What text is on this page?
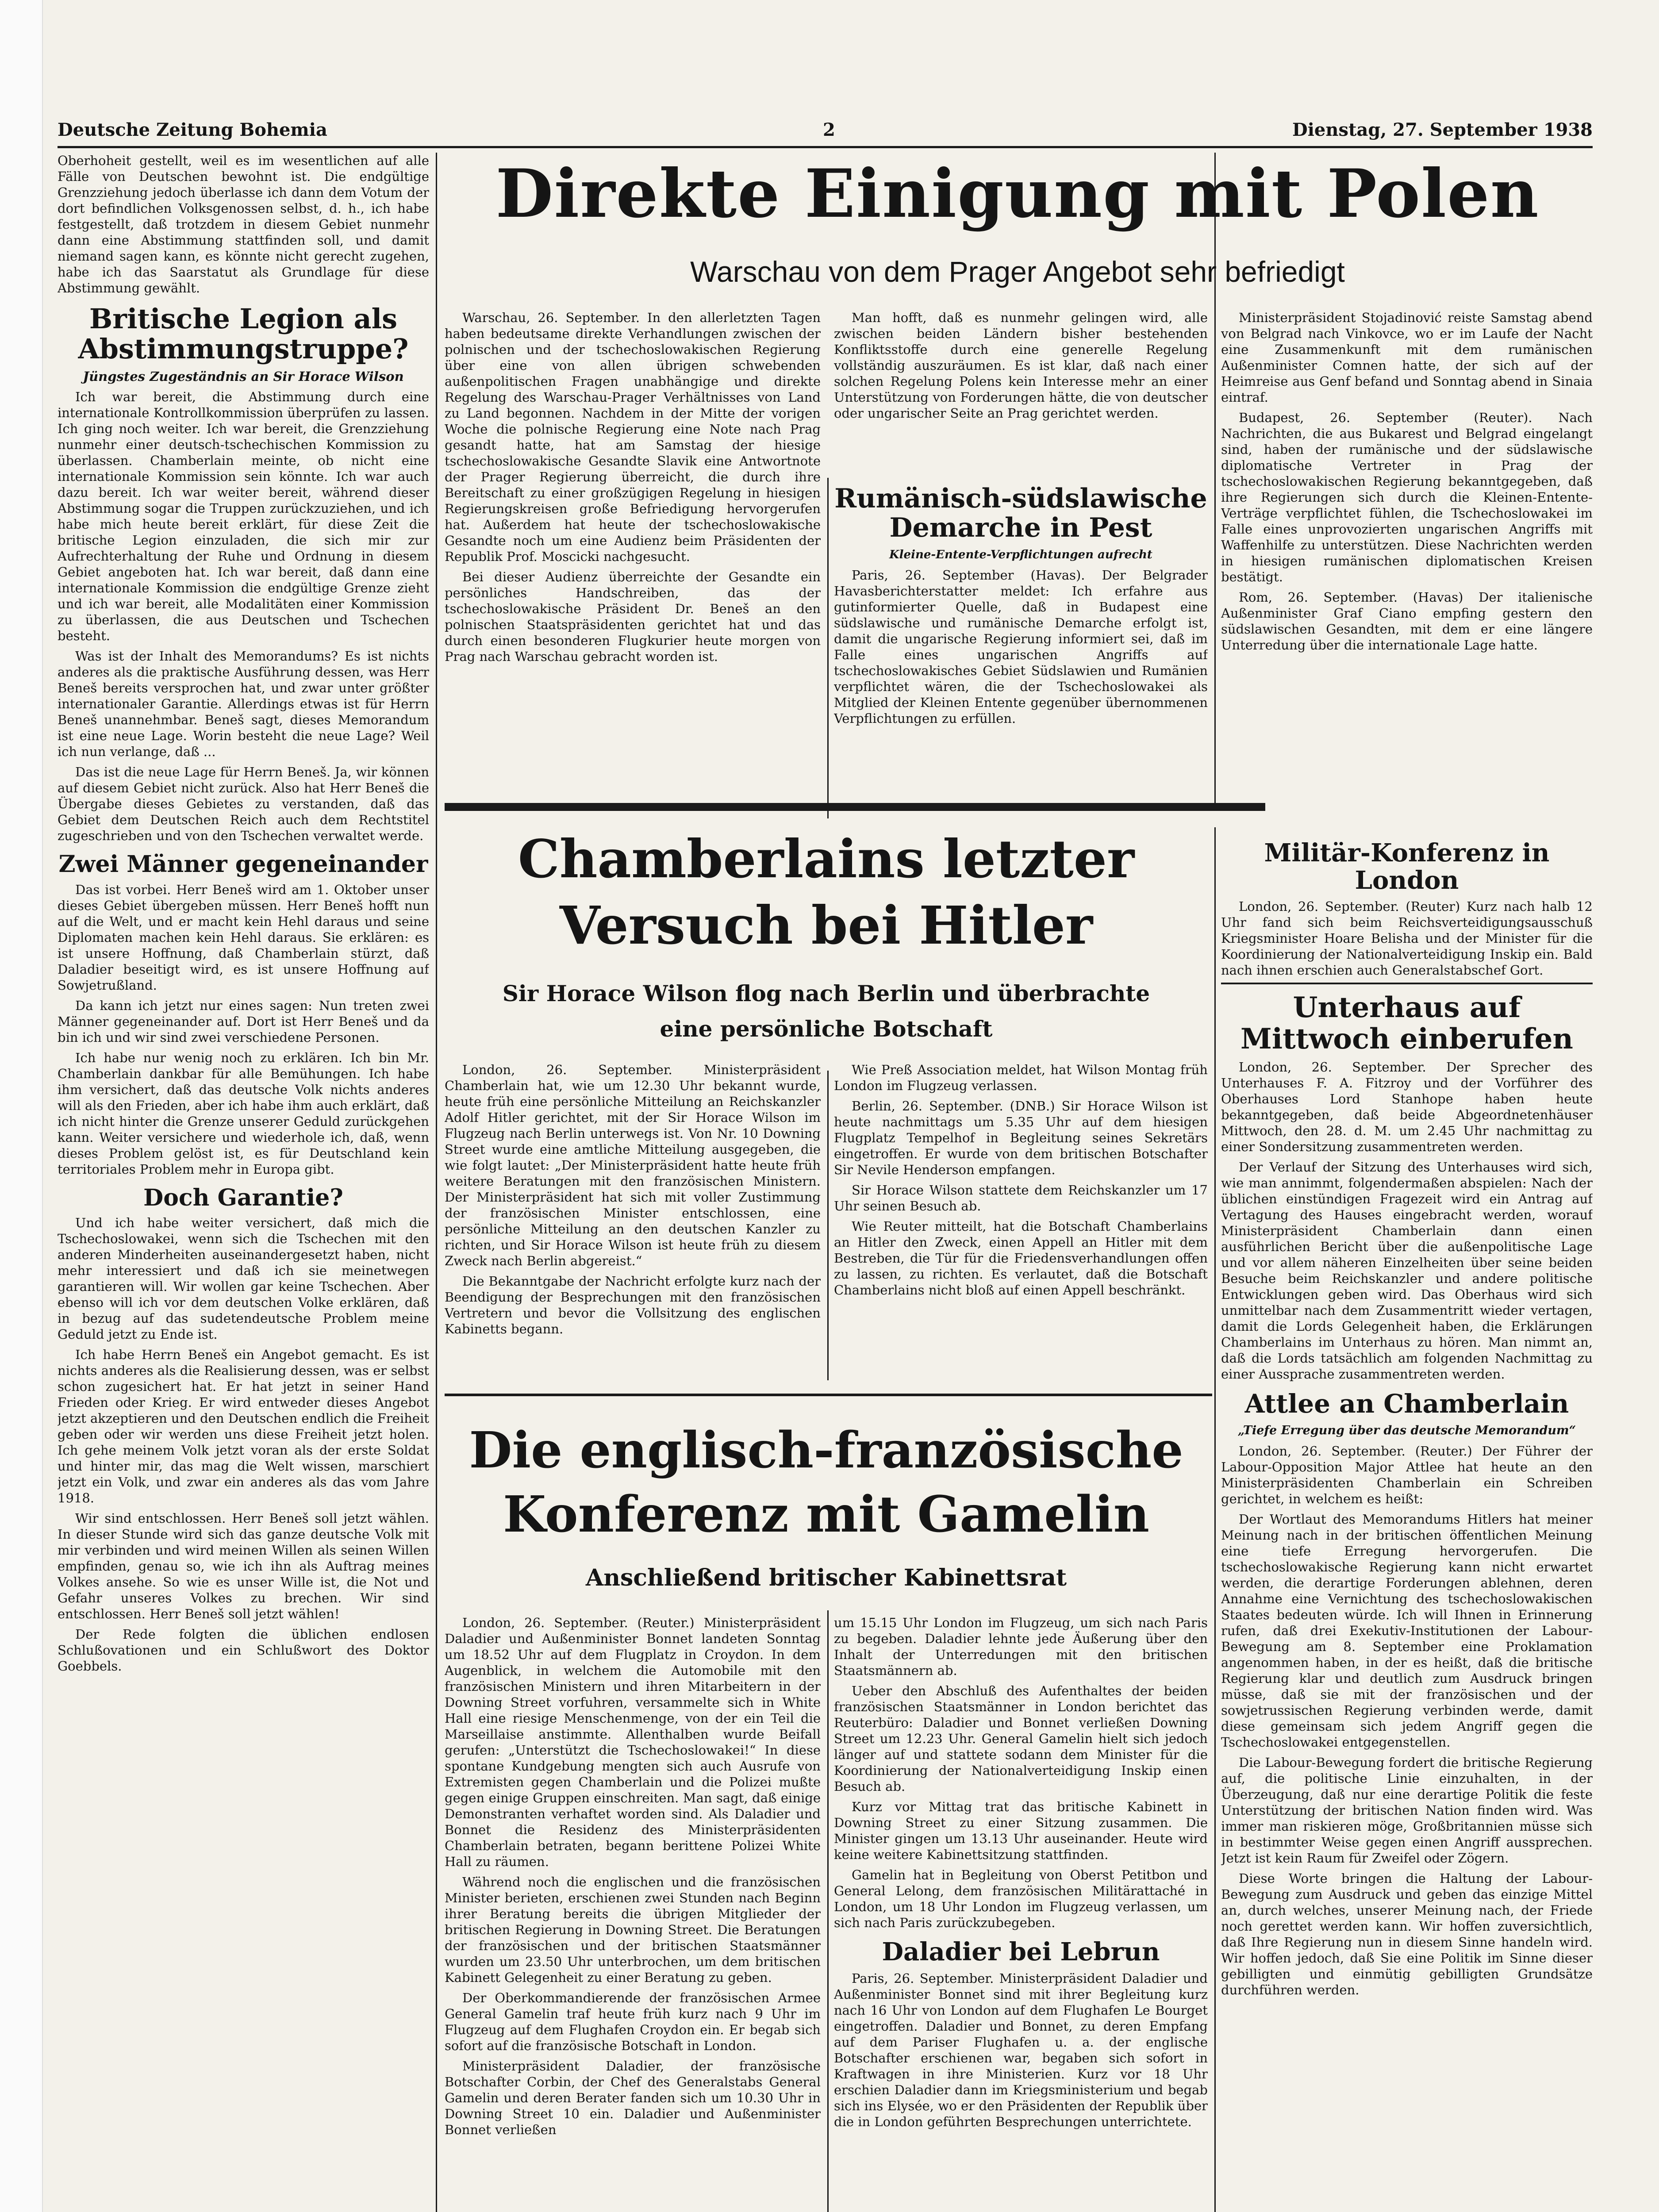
Deutsche Zeitung Bohemia	2	Dienstag, 27. September 1938

Oberhoheit gestellt, weil es im wesentlichen auf alle Fälle von Deutschen bewohnt ist. Die endgültige Grenzziehung jedoch überlasse ich dann dem Votum der dort befindlichen Volksgenossen selbst, d. h., ich habe festgestellt, daß trotzdem in diesem Gebiet nunmehr dann eine Abstimmung stattfinden soll, und damit niemand sagen kann, es könnte nicht gerecht zugehen, habe ich das Saarstatut als Grundlage für diese Abstimmung gewählt.

Britische Legion als Abstimmungstruppe?

Jüngstes Zugeständnis an Sir Horace Wilson

Ich war bereit, die Abstimmung durch eine internationale Kontrollkommission überprüfen zu lassen. Ich ging noch weiter. Ich war bereit, die Grenzziehung nunmehr einer deutsch-tschechischen Kommission zu überlassen. Chamberlain meinte, ob nicht eine internationale Kommission sein könnte. Ich war auch dazu bereit. Ich war weiter bereit, während dieser Abstimmung sogar die Truppen zurückzuziehen, und ich habe mich heute bereit erklärt, für diese Zeit die britische Legion einzuladen, die sich mir zur Aufrechterhaltung der Ruhe und Ordnung in diesem Gebiet angeboten hat. Ich war bereit, daß dann eine internationale Kommission die endgültige Grenze zieht und ich war bereit, alle Modalitäten einer Kommission zu überlassen, die aus Deutschen und Tschechen besteht.

Was ist der Inhalt des Memorandums? Es ist nichts anderes als die praktische Ausführung dessen, was Herr Beneš bereits versprochen hat, und zwar unter größter internationaler Garantie. Allerdings etwas ist für Herrn Beneš unannehmbar. Beneš sagt, dieses Memorandum ist eine neue Lage. Worin besteht die neue Lage? Weil ich nun verlange, daß ...

Das ist die neue Lage für Herrn Beneš. Ja, wir können auf diesem Gebiet nicht zurück. Also hat Herr Beneš die Übergabe dieses Gebietes zu verstanden, daß das Gebiet dem Deutschen Reich auch dem Rechtstitel zugeschrieben und von den Tschechen verwaltet werde.

Zwei Männer gegeneinander

Das ist vorbei. Herr Beneš wird am 1. Oktober unser dieses Gebiet übergeben müssen. Herr Beneš hofft nun auf die Welt, und er macht kein Hehl daraus und seine Diplomaten machen kein Hehl daraus. Sie erklären: es ist unsere Hoffnung, daß Chamberlain stürzt, daß Daladier beseitigt wird, es ist unsere Hoffnung auf Sowjetrußland.

Da kann ich jetzt nur eines sagen: Nun treten zwei Männer gegeneinander auf. Dort ist Herr Beneš und da bin ich und wir sind zwei verschiedene Personen.

Ich habe nur wenig noch zu erklären. Ich bin Mr. Chamberlain dankbar für alle Bemühungen. Ich habe ihm versichert, daß das deutsche Volk nichts anderes will als den Frieden, aber ich habe ihm auch erklärt, daß ich nicht hinter die Grenze unserer Geduld zurückgehen kann. Weiter versichere und wiederhole ich, daß, wenn dieses Problem gelöst ist, es für Deutschland kein territoriales Problem mehr in Europa gibt.

Doch Garantie?

Und ich habe weiter versichert, daß mich die Tschechoslowakei, wenn sich die Tschechen mit den anderen Minderheiten auseinandergesetzt haben, nicht mehr interessiert und daß ich sie meinetwegen garantieren will. Wir wollen gar keine Tschechen. Aber ebenso will ich vor dem deutschen Volke erklären, daß in bezug auf das sudetendeutsche Problem meine Geduld jetzt zu Ende ist.

Ich habe Herrn Beneš ein Angebot gemacht. Es ist nichts anderes als die Realisierung dessen, was er selbst schon zugesichert hat. Er hat jetzt in seiner Hand Frieden oder Krieg. Er wird entweder dieses Angebot jetzt akzeptieren und den Deutschen endlich die Freiheit geben oder wir werden uns diese Freiheit jetzt holen. Ich gehe meinem Volk jetzt voran als der erste Soldat und hinter mir, das mag die Welt wissen, marschiert jetzt ein Volk, und zwar ein anderes als das vom Jahre 1918.

Wir sind entschlossen. Herr Beneš soll jetzt wählen. In dieser Stunde wird sich das ganze deutsche Volk mit mir verbinden und wird meinen Willen als seinen Willen empfinden, genau so, wie ich ihn als Auftrag meines Volkes ansehe. So wie es unser Wille ist, die Not und Gefahr unseres Volkes zu brechen. Wir sind entschlossen. Herr Beneš soll jetzt wählen!

Der Rede folgten die üblichen endlosen Schlußovationen und ein Schlußwort des Doktor Goebbels.

Direkte Einigung mit Polen
Warschau von dem Prager Angebot sehr befriedigt

Warschau, 26. September. In den allerletzten Tagen haben bedeutsame direkte Verhandlungen zwischen der polnischen und der tschechoslowakischen Regierung über eine von allen übrigen schwebenden außenpolitischen Fragen unabhängige und direkte Regelung des Warschau-Prager Verhältnisses von Land zu Land begonnen. Nachdem in der Mitte der vorigen Woche die polnische Regierung eine Note nach Prag gesandt hatte, hat am Samstag der hiesige tschechoslowakische Gesandte Slavik eine Antwortnote der Prager Regierung überreicht, die durch ihre Bereitschaft zu einer großzügigen Regelung in hiesigen Regierungskreisen große Befriedigung hervorgerufen hat. Außerdem hat heute der tschechoslowakische Gesandte noch um eine Audienz beim Präsidenten der Republik Prof. Moscicki nachgesucht.

Bei dieser Audienz überreichte der Gesandte ein persönliches Handschreiben, das der tschechoslowakische Präsident Dr. Beneš an den polnischen Staatspräsidenten gerichtet hat und das durch einen besonderen Flugkurier heute morgen von Prag nach Warschau gebracht worden ist.

Man hofft, daß es nunmehr gelingen wird, alle zwischen beiden Ländern bisher bestehenden Konfliktsstoffe durch eine generelle Regelung vollständig auszuräumen. Es ist klar, daß nach einer solchen Regelung Polens kein Interesse mehr an einer Unterstützung von Forderungen hätte, die von deutscher oder ungarischer Seite an Prag gerichtet werden.

Rumänisch-südslawische Demarche in Pest

Kleine-Entente-Verpflichtungen aufrecht

Paris, 26. September (Havas). Der Belgrader Havasberichterstatter meldet: Ich erfahre aus gutinformierter Quelle, daß in Budapest eine südslawische und rumänische Demarche erfolgt ist, damit die ungarische Regierung informiert sei, daß im Falle eines ungarischen Angriffs auf tschechoslowakisches Gebiet Südslawien und Rumänien verpflichtet wären, die der Tschechoslowakei als Mitglied der Kleinen Entente gegenüber übernommenen Verpflichtungen zu erfüllen.

Ministerpräsident Stojadinović reiste Samstag abend von Belgrad nach Vinkovce, wo er im Laufe der Nacht eine Zusammenkunft mit dem rumänischen Außenminister Comnen hatte, der sich auf der Heimreise aus Genf befand und Sonntag abend in Sinaia eintraf.

Budapest, 26. September (Reuter). Nach Nachrichten, die aus Bukarest und Belgrad eingelangt sind, haben der rumänische und der südslawische diplomatische Vertreter in Prag der tschechoslowakischen Regierung bekanntgegeben, daß ihre Regierungen sich durch die Kleinen-Entente-Verträge verpflichtet fühlen, die Tschechoslowakei im Falle eines unprovozierten ungarischen Angriffs mit Waffenhilfe zu unterstützen. Diese Nachrichten werden in hiesigen rumänischen diplomatischen Kreisen bestätigt.

Rom, 26. September. (Havas) Der italienische Außenminister Graf Ciano empfing gestern den südslawischen Gesandten, mit dem er eine längere Unterredung über die internationale Lage hatte.

Chamberlains letzter
Versuch bei Hitler
Sir Horace Wilson flog nach Berlin und überbrachte
eine persönliche Botschaft

London, 26. September. Ministerpräsident Chamberlain hat, wie um 12.30 Uhr bekannt wurde, heute früh eine persönliche Mitteilung an Reichskanzler Adolf Hitler gerichtet, mit der Sir Horace Wilson im Flugzeug nach Berlin unterwegs ist. Von Nr. 10 Downing Street wurde eine amtliche Mitteilung ausgegeben, die wie folgt lautet: „Der Ministerpräsident hatte heute früh weitere Beratungen mit den französischen Ministern. Der Ministerpräsident hat sich mit voller Zustimmung der französischen Minister entschlossen, eine persönliche Mitteilung an den deutschen Kanzler zu richten, und Sir Horace Wilson ist heute früh zu diesem Zweck nach Berlin abgereist.“

Die Bekanntgabe der Nachricht erfolgte kurz nach der Beendigung der Besprechungen mit den französischen Vertretern und bevor die Vollsitzung des englischen Kabinetts begann.

Wie Preß Association meldet, hat Wilson Montag früh London im Flugzeug verlassen.

Berlin, 26. September. (DNB.) Sir Horace Wilson ist heute nachmittags um 5.35 Uhr auf dem hiesigen Flugplatz Tempelhof in Begleitung seines Sekretärs eingetroffen. Er wurde von dem britischen Botschafter Sir Nevile Henderson empfangen.

Sir Horace Wilson stattete dem Reichskanzler um 17 Uhr seinen Besuch ab.

Wie Reuter mitteilt, hat die Botschaft Chamberlains an Hitler den Zweck, einen Appell an Hitler mit dem Bestreben, die Tür für die Friedensverhandlungen offen zu lassen, zu richten. Es verlautet, daß die Botschaft Chamberlains nicht bloß auf einen Appell beschränkt.

Militär-Konferenz in London

London, 26. September. (Reuter) Kurz nach halb 12 Uhr fand sich beim Reichsverteidigungsausschuß Kriegsminister Hoare Belisha und der Minister für die Koordinierung der Nationalverteidigung Inskip ein. Bald nach ihnen erschien auch Generalstabschef Gort.

Unterhaus auf Mittwoch einberufen

London, 26. September. Der Sprecher des Unterhauses F. A. Fitzroy und der Vorführer des Oberhauses Lord Stanhope haben heute bekanntgegeben, daß beide Abgeordnetenhäuser Mittwoch, den 28. d. M. um 2.45 Uhr nachmittag zu einer Sondersitzung zusammentreten werden.

Der Verlauf der Sitzung des Unterhauses wird sich, wie man annimmt, folgendermaßen abspielen: Nach der üblichen einstündigen Fragezeit wird ein Antrag auf Vertagung des Hauses eingebracht werden, worauf Ministerpräsident Chamberlain dann einen ausführlichen Bericht über die außenpolitische Lage und vor allem näheren Einzelheiten über seine beiden Besuche beim Reichskanzler und andere politische Entwicklungen geben wird. Das Oberhaus wird sich unmittelbar nach dem Zusammentritt wieder vertagen, damit die Lords Gelegenheit haben, die Erklärungen Chamberlains im Unterhaus zu hören. Man nimmt an, daß die Lords tatsächlich am folgenden Nachmittag zu einer Aussprache zusammentreten werden.

Attlee an Chamberlain

„Tiefe Erregung über das deutsche Memorandum“

London, 26. September. (Reuter.) Der Führer der Labour-Opposition Major Attlee hat heute an den Ministerpräsidenten Chamberlain ein Schreiben gerichtet, in welchem es heißt:

Der Wortlaut des Memorandums Hitlers hat meiner Meinung nach in der britischen öffentlichen Meinung eine tiefe Erregung hervorgerufen. Die tschechoslowakische Regierung kann nicht erwartet werden, die derartige Forderungen ablehnen, deren Annahme eine Vernichtung des tschechoslowakischen Staates bedeuten würde. Ich will Ihnen in Erinnerung rufen, daß drei Exekutiv-Institutionen der Labour-Bewegung am 8. September eine Proklamation angenommen haben, in der es heißt, daß die britische Regierung klar und deutlich zum Ausdruck bringen müsse, daß sie mit der französischen und der sowjetrussischen Regierung verbinden werde, damit diese gemeinsam sich jedem Angriff gegen die Tschechoslowakei entgegenstellen.

Die Labour-Bewegung fordert die britische Regierung auf, die politische Linie einzuhalten, in der Überzeugung, daß nur eine derartige Politik die feste Unterstützung der britischen Nation finden wird. Was immer man riskieren möge, Großbritannien müsse sich in bestimmter Weise gegen einen Angriff aussprechen. Jetzt ist kein Raum für Zweifel oder Zögern.

Diese Worte bringen die Haltung der Labour-Bewegung zum Ausdruck und geben das einzige Mittel an, durch welches, unserer Meinung nach, der Friede noch gerettet werden kann. Wir hoffen zuversichtlich, daß Ihre Regierung nun in diesem Sinne handeln wird. Wir hoffen jedoch, daß Sie eine Politik im Sinne dieser gebilligten und einmütig gebilligten Grundsätze durchführen werden.

Die englisch-französische
Konferenz mit Gamelin
Anschließend britischer Kabinettsrat

London, 26. September. (Reuter.) Ministerpräsident Daladier und Außenminister Bonnet landeten Sonntag um 18.52 Uhr auf dem Flugplatz in Croydon. In dem Augenblick, in welchem die Automobile mit den französischen Ministern und ihren Mitarbeitern in der Downing Street vorfuhren, versammelte sich in White Hall eine riesige Menschenmenge, von der ein Teil die Marseillaise anstimmte. Allenthalben wurde Beifall gerufen: „Unterstützt die Tschechoslowakei!“ In diese spontane Kundgebung mengten sich auch Ausrufe von Extremisten gegen Chamberlain und die Polizei mußte gegen einige Gruppen einschreiten. Man sagt, daß einige Demonstranten verhaftet worden sind. Als Daladier und Bonnet die Residenz des Ministerpräsidenten Chamberlain betraten, begann berittene Polizei White Hall zu räumen.

Während noch die englischen und die französischen Minister berieten, erschienen zwei Stunden nach Beginn ihrer Beratung bereits die übrigen Mitglieder der britischen Regierung in Downing Street. Die Beratungen der französischen und der britischen Staatsmänner wurden um 23.50 Uhr unterbrochen, um dem britischen Kabinett Gelegenheit zu einer Beratung zu geben.

Der Oberkommandierende der französischen Armee General Gamelin traf heute früh kurz nach 9 Uhr im Flugzeug auf dem Flughafen Croydon ein. Er begab sich sofort auf die französische Botschaft in London.

Ministerpräsident Daladier, der französische Botschafter Corbin, der Chef des Generalstabs General Gamelin und deren Berater fanden sich um 10.30 Uhr in Downing Street 10 ein. Daladier und Außenminister Bonnet verließen

um 15.15 Uhr London im Flugzeug, um sich nach Paris zu begeben. Daladier lehnte jede Äußerung über den Inhalt der Unterredungen mit den britischen Staatsmännern ab.

Ueber den Abschluß des Aufenthaltes der beiden französischen Staatsmänner in London berichtet das Reuterbüro: Daladier und Bonnet verließen Downing Street um 12.23 Uhr. General Gamelin hielt sich jedoch länger auf und stattete sodann dem Minister für die Koordinierung der Nationalverteidigung Inskip einen Besuch ab.

Kurz vor Mittag trat das britische Kabinett in Downing Street zu einer Sitzung zusammen. Die Minister gingen um 13.13 Uhr auseinander. Heute wird keine weitere Kabinettsitzung stattfinden.

Gamelin hat in Begleitung von Oberst Petitbon und General Lelong, dem französischen Militärattaché in London, um 18 Uhr London im Flugzeug verlassen, um sich nach Paris zurückzubegeben.

Daladier bei Lebrun

Paris, 26. September. Ministerpräsident Daladier und Außenminister Bonnet sind mit ihrer Begleitung kurz nach 16 Uhr von London auf dem Flughafen Le Bourget eingetroffen. Daladier und Bonnet, zu deren Empfang auf dem Pariser Flughafen u. a. der englische Botschafter erschienen war, begaben sich sofort in Kraftwagen in ihre Ministerien. Kurz vor 18 Uhr erschien Daladier dann im Kriegsministerium und begab sich ins Elysée, wo er den Präsidenten der Republik über die in London geführten Besprechungen unterrichtete.
